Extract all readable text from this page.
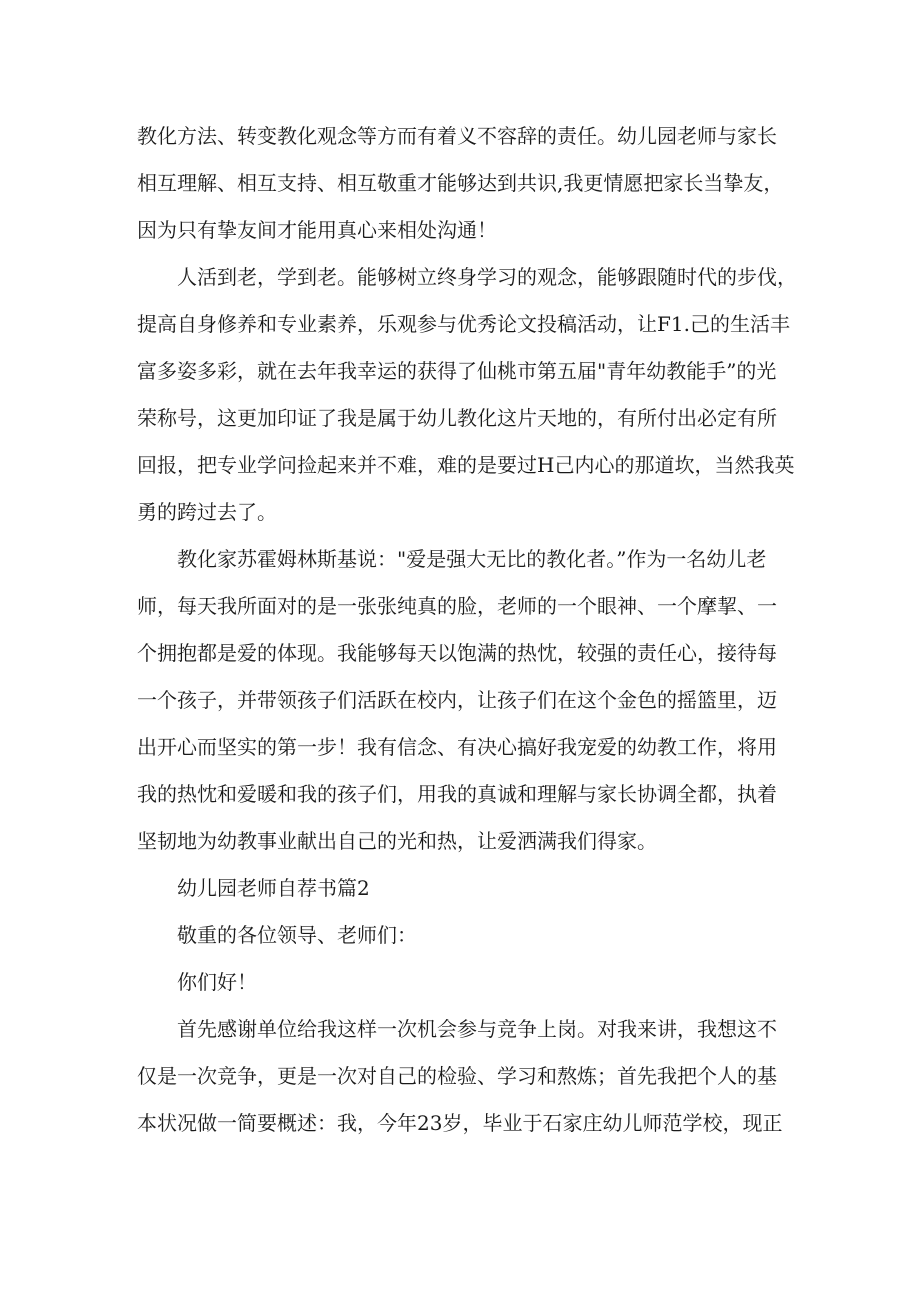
教化方法、转变教化观念等方而有着义不容辞的责任。幼儿园老师与家长
相互理解、相互支持、相互敬重才能够达到共识,我更情愿把家长当挚友，
因为只有挚友间才能用真心来相处沟通！
　　人活到老，学到老。能够树立终身学习的观念，能够跟随时代的步伐，
提高自身修养和专业素养，乐观参与优秀论文投稿活动，让F1.己的生活丰
富多姿多彩，就在去年我幸运的获得了仙桃市第五届"青年幼教能手”的光
荣称号，这更加印证了我是属于幼儿教化这片天地的，有所付出必定有所
回报，把专业学问捡起来并不难，难的是要过H己内心的那道坎，当然我英
勇的跨过去了。
　　教化家苏霍姆林斯基说："爱是强大无比的教化者。”作为一名幼儿老
师，每天我所面对的是一张张纯真的脸，老师的一个眼神、一个摩挈、一
个拥抱都是爱的体现。我能够每天以饱满的热忱，较强的责任心，接待每
一个孩子，并带领孩子们活跃在校内，让孩子们在这个金色的摇篮里，迈
出开心而坚实的第一步！我有信念、有决心搞好我宠爱的幼教工作，将用
我的热忱和爱暖和我的孩子们，用我的真诚和理解与家长协调全都，执着
坚韧地为幼教事业献出自己的光和热，让爱洒满我们得家。
　　幼儿园老师自荐书篇2
　　敬重的各位领导、老师们：
　　你们好！
　　首先感谢单位给我这样一次机会参与竞争上岗。对我来讲，我想这不
仅是一次竞争，更是一次对自己的检验、学习和熬炼；首先我把个人的基
本状况做一简要概述：我，今年23岁，毕业于石家庄幼儿师范学校，现正
